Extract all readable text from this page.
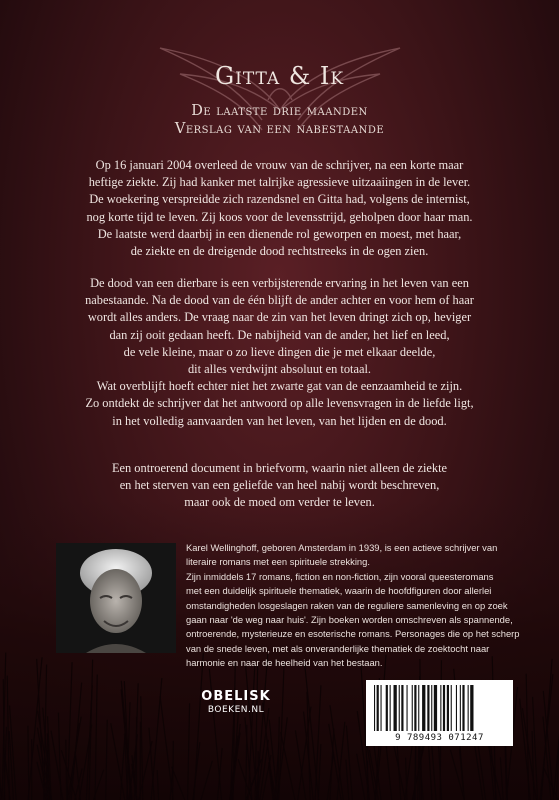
Gitta & Ik
De laatste drie maanden
Verslag van een nabestaande

Op 16 januari 2004 overleed de vrouw van de schrijver, na een korte maar
heftige ziekte. Zij had kanker met talrijke agressieve uitzaaiingen in de lever.
De woekering verspreidde zich razendsnel en Gitta had, volgens de internist,
nog korte tijd te leven. Zij koos voor de levensstrijd, geholpen door haar man.
De laatste werd daarbij in een dienende rol geworpen en moest, met haar,
de ziekte en de dreigende dood rechtstreeks in de ogen zien.

De dood van een dierbare is een verbijsterende ervaring in het leven van een
nabestaande. Na de dood van de één blijft de ander achter en voor hem of haar
wordt alles anders. De vraag naar de zin van het leven dringt zich op, heviger
dan zij ooit gedaan heeft. De nabijheid van de ander, het lief en leed,
de vele kleine, maar o zo lieve dingen die je met elkaar deelde,
dit alles verdwijnt absoluut en totaal.
Wat overblijft hoeft echter niet het zwarte gat van de eenzaamheid te zijn.
Zo ontdekt de schrijver dat het antwoord op alle levensvragen in de liefde ligt,
in het volledig aanvaarden van het leven, van het lijden en de dood.

Een ontroerend document in briefvorm, waarin niet alleen de ziekte
en het sterven van een geliefde van heel nabij wordt beschreven,
maar ook de moed om verder te leven.

Karel Wellinghoff, geboren Amsterdam in 1939, is een actieve schrijver van
literaire romans met een spirituele strekking.
Zijn inmiddels 17 romans, fiction en non-fiction, zijn vooral queesteromans
met een duidelijk spirituele thematiek, waarin de hoofdfiguren door allerlei
omstandigheden losgeslagen raken van de reguliere samenleving en op zoek
gaan naar 'de weg naar huis'. Zijn boeken worden omschreven als spannende,
ontroerende, mysterieuze en esoterische romans. Personages die op het scherp
van de snede leven, met als onveranderlijke thematiek de zoektocht naar
harmonie en naar de heelheid van het bestaan.
OBELISK
BOEKEN.NL
9 789493 071247
